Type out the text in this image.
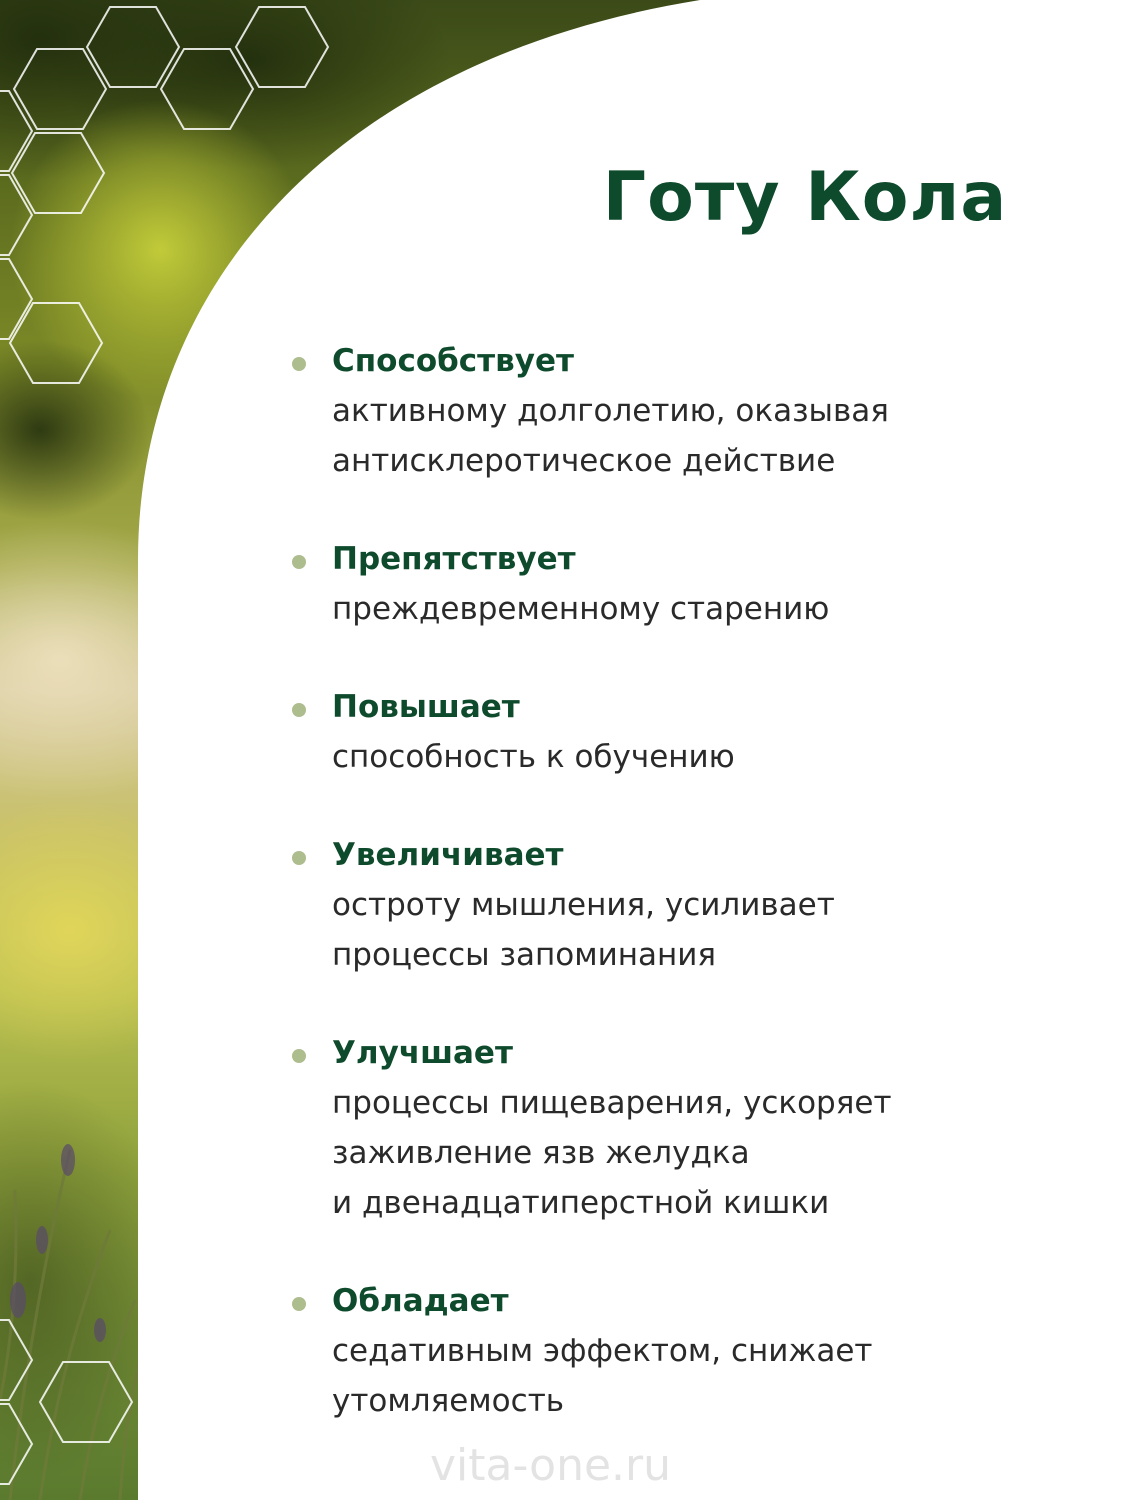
Готу Кола
Способствует
активному долголетию, оказывая
антисклеротическое действие
Препятствует
преждевременному старению
Повышает
способность к обучению
Увеличивает
остроту мышления, усиливает
процессы запоминания
Улучшает
процессы пищеварения, ускоряет
заживление язв желудка
и двенадцатиперстной кишки
Обладает
седативным эффектом, снижает
утомляемость
vita-one.ru
